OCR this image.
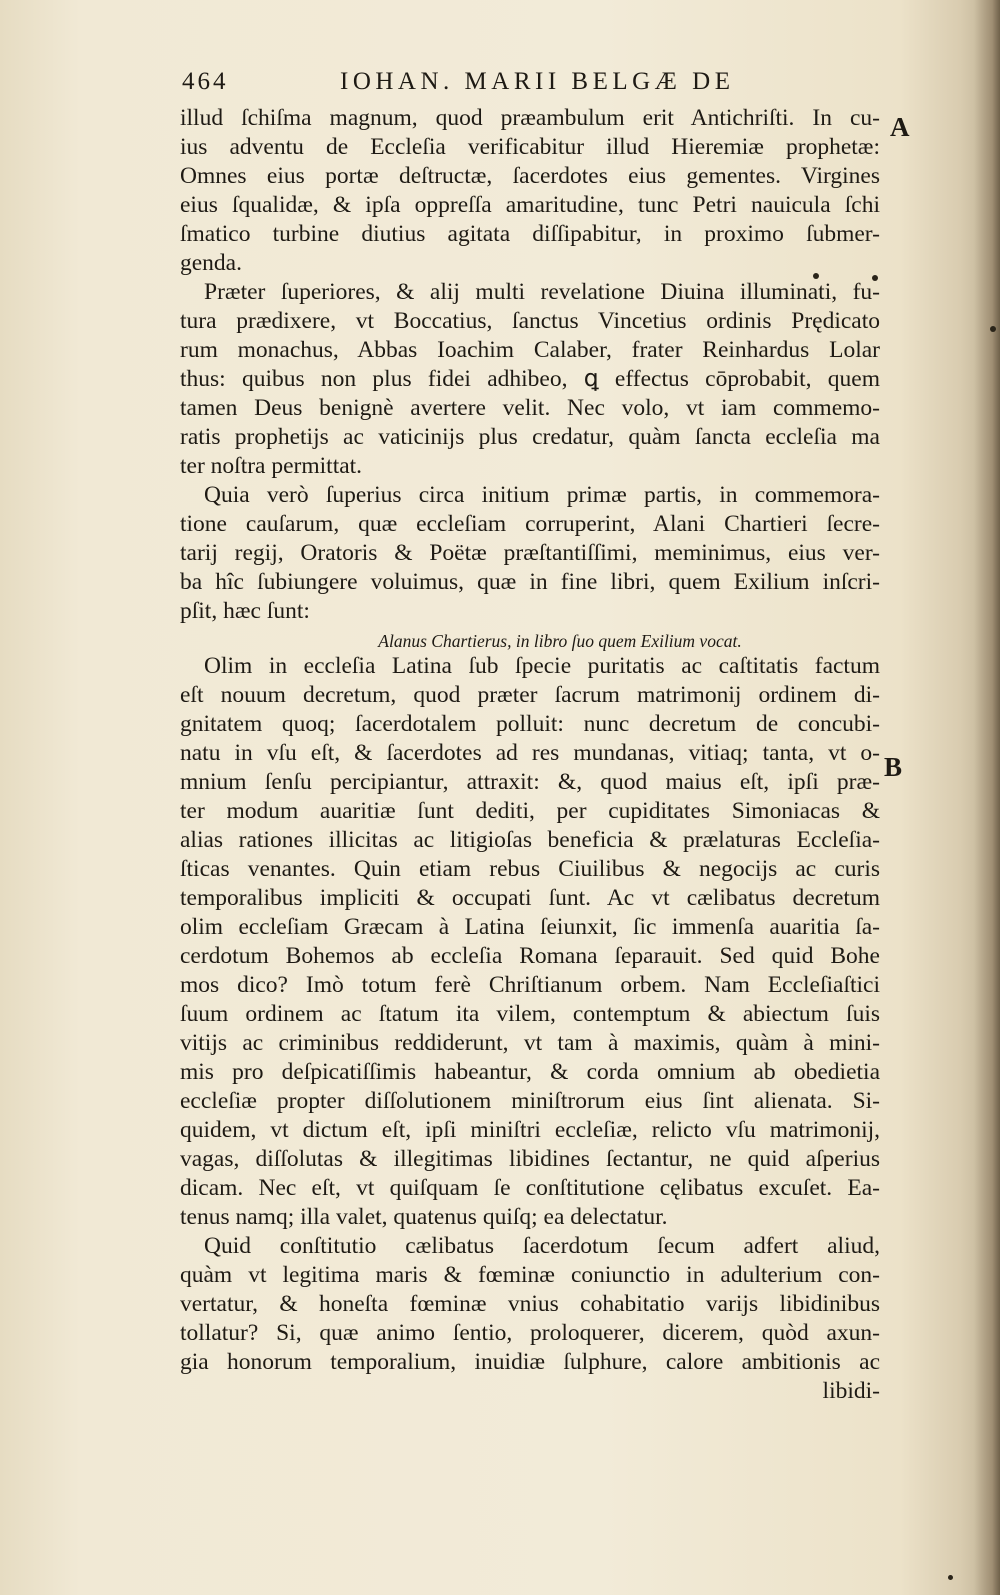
464	IOHAN. MARII BELGÆ DE
A
B
illud ſchiſma magnum, quod præambulum erit Antichriſti. In cu-
ius adventu de Eccleſia verificabitur illud Hieremiæ prophetæ:
Omnes eius portæ deſtructæ, ſacerdotes eius gementes. Virgines
eius ſqualidæ, & ipſa oppreſſa amaritudine, tunc Petri nauicula ſchi
ſmatico turbine diutius agitata diſſipabitur, in proximo ſubmer-
genda.
Præter ſuperiores, & alij multi revelatione Diuina illuminati, fu-
tura prædixere, vt Boccatius, ſanctus Vincetius ordinis Prędicato
rum monachus, Abbas Ioachim Calaber, frater Reinhardus Lolar
thus: quibus non plus fidei adhibeo, ꝗ effectus cōprobabit, quem
tamen Deus benignè avertere velit. Nec volo, vt iam commemo-
ratis prophetijs ac vaticinijs plus credatur, quàm ſancta eccleſia ma
ter noſtra permittat.
Quia verò ſuperius circa initium primæ partis, in commemora-
tione cauſarum, quæ eccleſiam corruperint, Alani Chartieri ſecre-
tarij regij, Oratoris & Poëtæ præſtantiſſimi, meminimus, eius ver-
ba hîc ſubiungere voluimus, quæ in fine libri, quem Exilium inſcri-
pſit, hæc ſunt:
Alanus Chartierus, in libro ſuo quem Exilium vocat.
Olim in eccleſia Latina ſub ſpecie puritatis ac caſtitatis factum
eſt nouum decretum, quod præter ſacrum matrimonij ordinem di-
gnitatem quoq; ſacerdotalem polluit: nunc decretum de concubi-
natu in vſu eſt, & ſacerdotes ad res mundanas, vitiaq; tanta, vt o-
mnium ſenſu percipiantur, attraxit: &, quod maius eſt, ipſi præ-
ter modum auaritiæ ſunt dediti, per cupiditates Simoniacas &
alias rationes illicitas ac litigioſas beneficia & prælaturas Eccleſia-
ſticas venantes. Quin etiam rebus Ciuilibus & negocijs ac curis
temporalibus impliciti & occupati ſunt. Ac vt cælibatus decretum
olim eccleſiam Græcam à Latina ſeiunxit, ſic immenſa auaritia ſa-
cerdotum Bohemos ab eccleſia Romana ſeparauit. Sed quid Bohe
mos dico? Imò totum ferè Chriſtianum orbem. Nam Eccleſiaſtici
ſuum ordinem ac ſtatum ita vilem, contemptum & abiectum ſuis
vitijs ac criminibus reddiderunt, vt tam à maximis, quàm à mini-
mis pro deſpicatiſſimis habeantur, & corda omnium ab obedietia
eccleſiæ propter diſſolutionem miniſtrorum eius ſint alienata. Si-
quidem, vt dictum eſt, ipſi miniſtri eccleſiæ, relicto vſu matrimonij,
vagas, diſſolutas & illegitimas libidines ſectantur, ne quid aſperius
dicam. Nec eſt, vt quiſquam ſe conſtitutione cęlibatus excuſet. Ea-
tenus namq; illa valet, quatenus quiſq; ea delectatur.
Quid conſtitutio cælibatus ſacerdotum ſecum adfert aliud,
quàm vt legitima maris & fœminæ coniunctio in adulterium con-
vertatur, & honeſta fœminæ vnius cohabitatio varijs libidinibus
tollatur? Si, quæ animo ſentio, proloquerer, dicerem, quòd axun-
gia honorum temporalium, inuidiæ ſulphure, calore ambitionis ac
libidi-
